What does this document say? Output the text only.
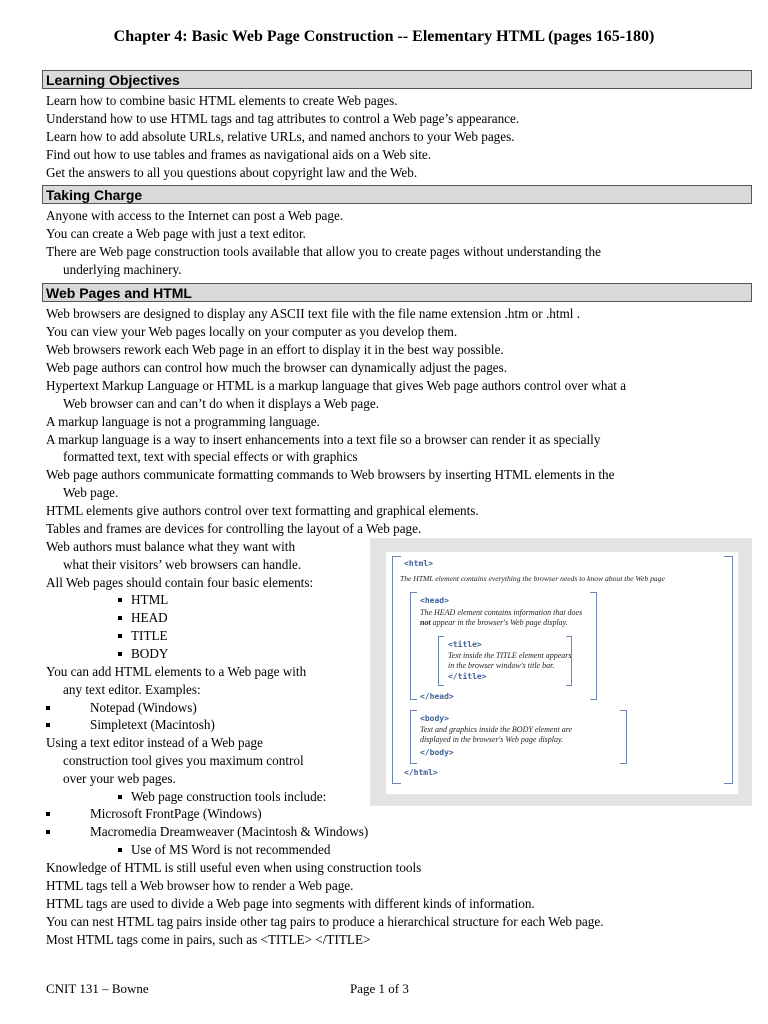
Chapter 4: Basic Web Page Construction -- Elementary HTML (pages 165-180)
Learning Objectives
Learn how to combine basic HTML elements to create Web pages.
Understand how to use HTML tags and tag attributes to control a Web page’s appearance.
Learn how to add absolute URLs, relative URLs, and named anchors to your Web pages.
Find out how to use tables and frames as navigational aids on a Web site.
Get the answers to all you questions about copyright law and the Web.
Taking Charge
Anyone with access to the Internet can post a Web page.
You can create a Web page with just a text editor.
There are Web page construction tools available that allow you to create pages without understanding the
underlying machinery.
Web Pages and HTML
Web browsers are designed to display any ASCII text file with the file name extension .htm or .html .
You can view your Web pages locally on your computer as you develop them.
Web browsers rework each Web page in an effort to display it in the best way possible.
Web page authors can control how much the browser can dynamically adjust the pages.
Hypertext Markup Language or HTML is a markup language that gives Web page authors control over what a
Web browser can and can’t do when it displays a Web page.
A markup language is not a programming language.
A markup language is a way to insert enhancements into a text file so a browser can render it as specially
formatted text, text with special effects or with graphics
Web page authors communicate formatting commands to Web browsers by inserting HTML elements in the
Web page.
HTML elements give authors control over text formatting and graphical elements.
Tables and frames are devices for controlling the layout of a Web page.
Web authors must balance what they want with
what their visitors’ web browsers can handle.
All Web pages should contain four basic elements:
HTML
HEAD
TITLE
BODY
You can add HTML elements to a Web page with
any text editor. Examples:
Notepad (Windows)
Simpletext (Macintosh)
Using a text editor instead of a Web page
construction tool gives you maximum control
over your web pages.
Web page construction tools include:
Microsoft FrontPage (Windows)
Macromedia Dreamweaver (Macintosh & Windows)
Use of MS Word is not recommended
Knowledge of HTML is still useful even when using construction tools
HTML tags tell a Web browser how to render a Web page.
HTML tags are used to divide a Web page into segments with different kinds of information.
You can nest HTML tag pairs inside other tag pairs to produce a hierarchical structure for each Web page.
Most HTML tags come in pairs, such as <TITLE> </TITLE>
<html>
The HTML element contains everything the browser needs to know about the Web page
<head>
The HEAD element contains information that does
not appear in the browser's Web page display.
<title>
Text inside the TITLE element appears
in the browser window's title bar.
</title>
</head>
<body>
Text and graphics inside the BODY element are
displayed in the browser's Web page display.
</body>
</html>
CNIT 131 – Bowne	Page 1 of 3
